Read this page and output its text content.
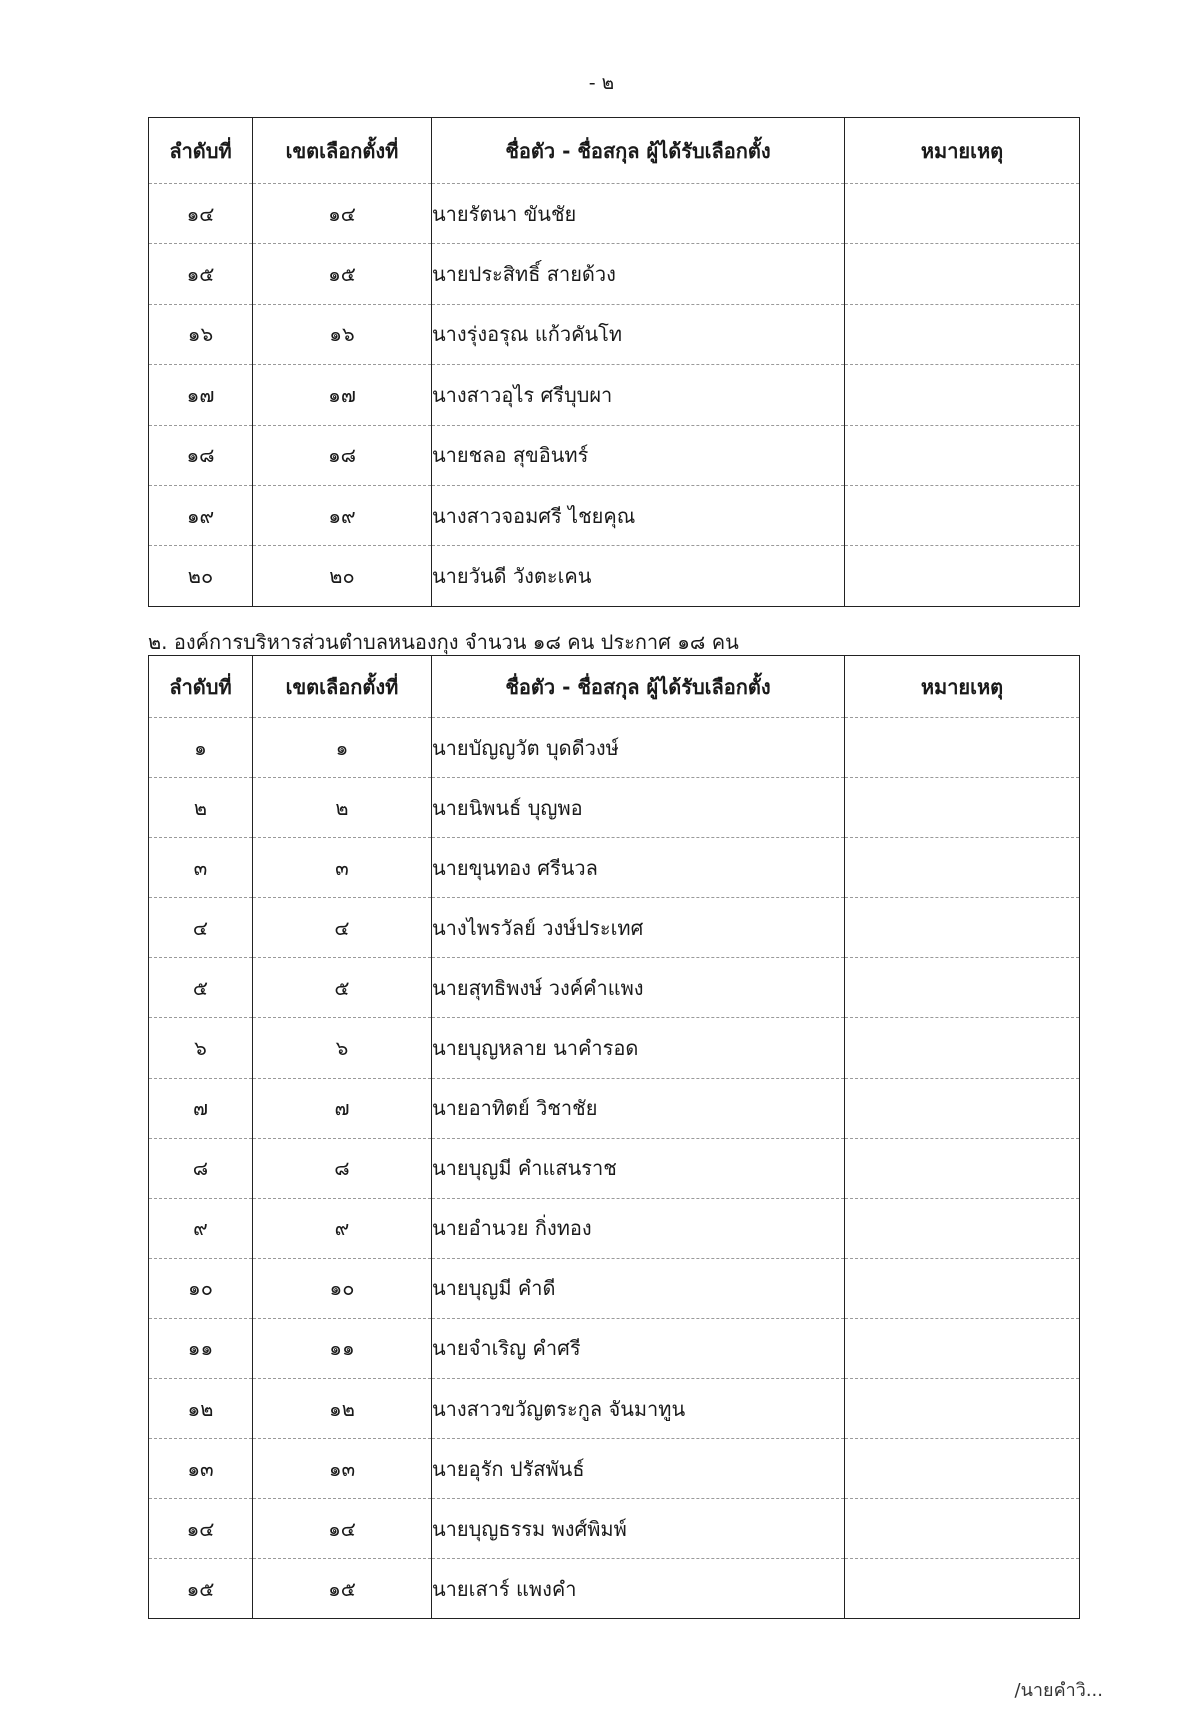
- ๒
ลำดับที่	เขตเลือกตั้งที่	ชื่อตัว - ชื่อสกุล ผู้ได้รับเลือกตั้ง	หมายเหตุ
๑๔	๑๔	นายรัตนา ขันชัย	
๑๕	๑๕	นายประสิทธิ์ สายด้วง	
๑๖	๑๖	นางรุ่งอรุณ แก้วคันโท	
๑๗	๑๗	นางสาวอุไร ศรีบุบผา	
๑๘	๑๘	นายชลอ สุขอินทร์	
๑๙	๑๙	นางสาวจอมศรี ไชยคุณ	
๒๐	๒๐	นายวันดี วังตะเคน	
๒. องค์การบริหารส่วนตำบลหนองกุง จำนวน ๑๘ คน ประกาศ ๑๘ คน
ลำดับที่	เขตเลือกตั้งที่	ชื่อตัว - ชื่อสกุล ผู้ได้รับเลือกตั้ง	หมายเหตุ
๑	๑	นายบัญญวัต บุดดีวงษ์	
๒	๒	นายนิพนธ์ บุญพอ	
๓	๓	นายขุนทอง ศรีนวล	
๔	๔	นางไพรวัลย์ วงษ์ประเทศ	
๕	๕	นายสุทธิพงษ์ วงค์คำแพง	
๖	๖	นายบุญหลาย นาคำรอด	
๗	๗	นายอาทิตย์ วิชาชัย	
๘	๘	นายบุญมี คำแสนราช	
๙	๙	นายอำนวย กิ่งทอง	
๑๐	๑๐	นายบุญมี คำดี	
๑๑	๑๑	นายจำเริญ คำศรี	
๑๒	๑๒	นางสาวขวัญตระกูล จันมาทูน	
๑๓	๑๓	นายอุรัก ปรัสพันธ์	
๑๔	๑๔	นายบุญธรรม พงศ์พิมพ์	
๑๕	๑๕	นายเสาร์ แพงคำ	
/นายคำวิ...
